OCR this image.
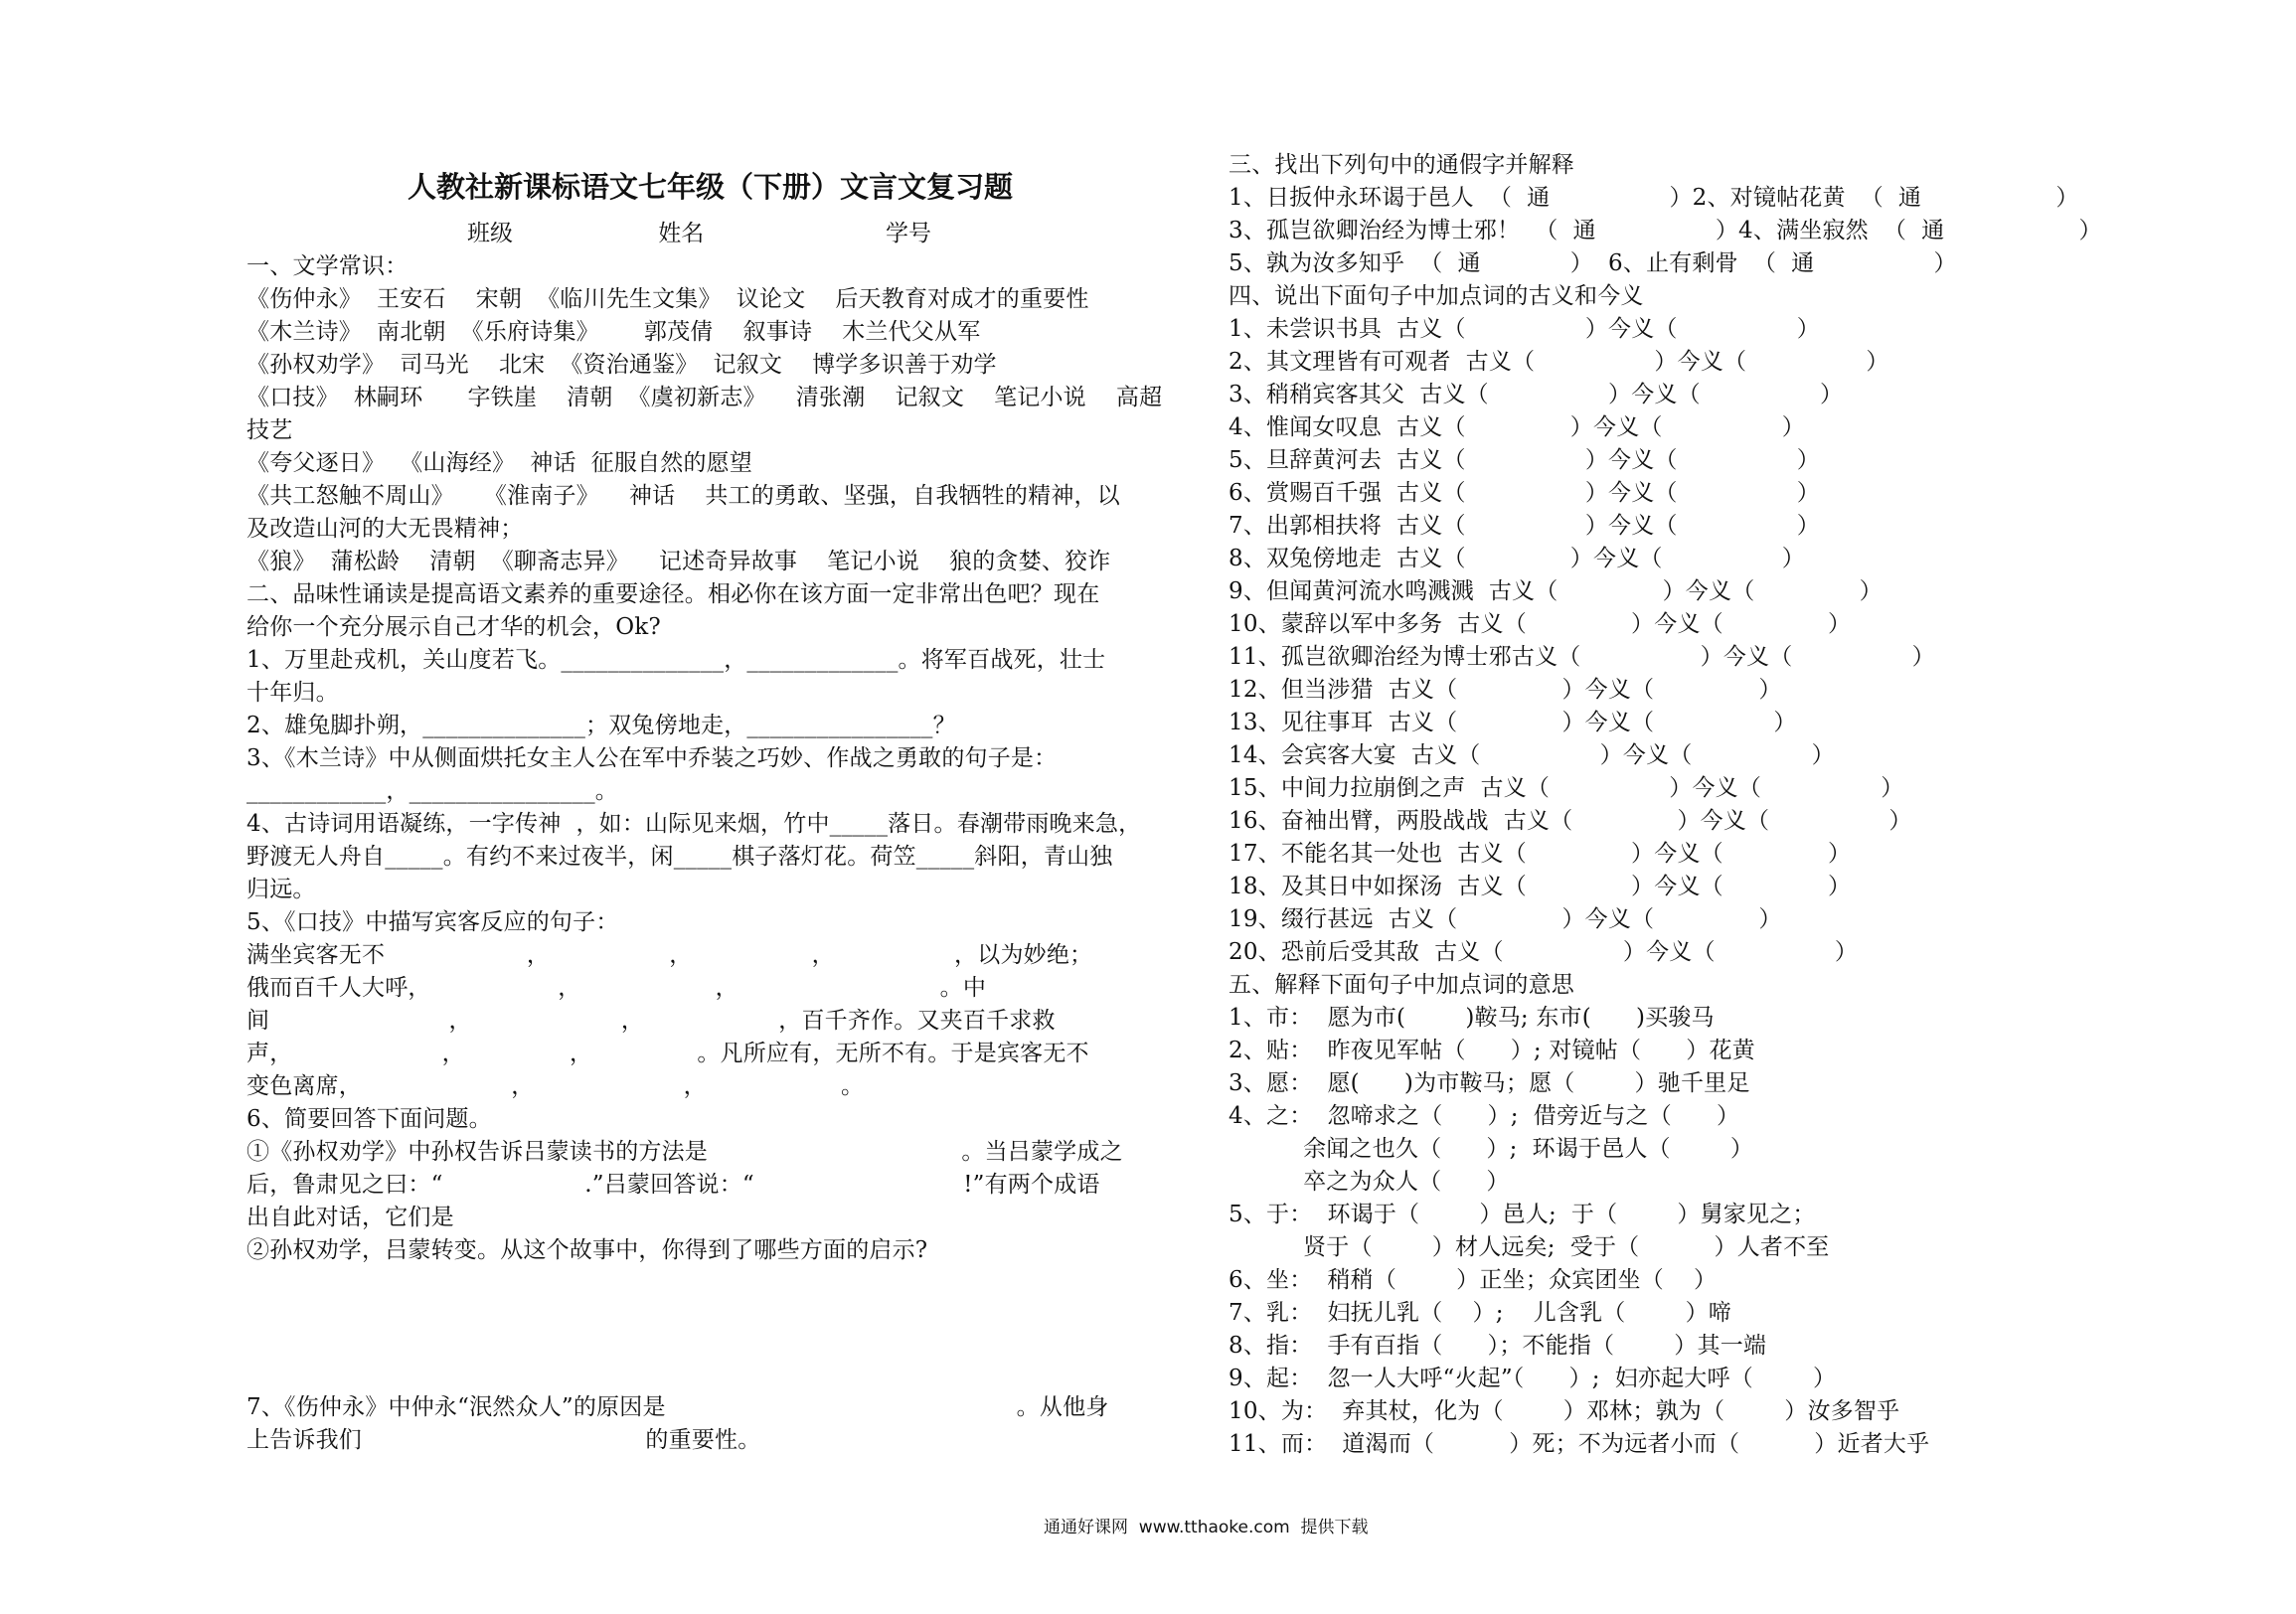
人教社新课标语文七年级（下册）文言文复习题
班级                    姓名                         学号
一、文学常识：
《伤仲永》  王安石    宋朝  《临川先生文集》  议论文    后天教育对成才的重要性
《木兰诗》  南北朝  《乐府诗集》      郭茂倩    叙事诗    木兰代父从军
《孙权劝学》  司马光    北宋  《资治通鉴》  记叙文    博学多识善于劝学
《口技》  林嗣环      字铁崖    清朝  《虞初新志》    清张潮    记叙文    笔记小说    高超
技艺
《夸父逐日》  《山海经》  神话  征服自然的愿望
《共工怒触不周山》    《淮南子》    神话    共工的勇敢、坚强，自我牺牲的精神，以
及改造山河的大无畏精神；
《狼》  蒲松龄    清朝  《聊斋志异》    记述奇异故事    笔记小说    狼的贪婪、狡诈
二、品味性诵读是提高语文素养的重要途径。相必你在该方面一定非常出色吧？现在
给你一个充分展示自己才华的机会，Ok?
1、万里赴戎机，关山度若飞。______________，_____________。将军百战死，壮士
十年归。
2、雄兔脚扑朔，______________；双兔傍地走，________________？
3、《木兰诗》中从侧面烘托女主人公在军中乔装之巧妙、作战之勇敢的句子是：
____________，________________。
4、古诗词用语凝练，一字传神  ，如：山际见来烟，竹中_____落日。春潮带雨晚来急，
野渡无人舟自_____。有约不来过夜半，闲_____棋子落灯花。荷笠_____斜阳，青山独
归远。
5、《口技》中描写宾客反应的句子：
满坐宾客无不                   ，                ，                ，                ，以为妙绝；
俄而百千人大呼，                 ，                  ，                           。中
间                        ，                    ，                  ，百千齐作。又夹百千求救
声，                    ，              ，              。凡所应有，无所不有。于是宾客无不
变色离席，                    ，                    ，                  。
6、简要回答下面问题。
①《孙权劝学》中孙权告诉吕蒙读书的方法是                                  。当吕蒙学成之
后，鲁肃见之曰：“                   .”吕蒙回答说：“                            !”有两个成语
出自此对话，它们是
②孙权劝学，吕蒙转变。从这个故事中，你得到了哪些方面的启示?
7、《伤仲永》中仲永“泯然众人”的原因是                                               。从他身
上告诉我们                                      的重要性。
三、找出下列句中的通假字并解释
1、日扳仲永环谒于邑人  （  通                ）2、对镜帖花黄  （  通                  ）
3、孤岂欲卿治经为博士邪！  （  通                ）4、满坐寂然  （  通                  ）
5、孰为汝多知乎  （  通            ）  6、止有剩骨  （  通                ）
四、说出下面句子中加点词的古义和今义
1、未尝识书具  古义（                ）今义（                ）
2、其文理皆有可观者  古义（                ）今义（                ）
3、稍稍宾客其父  古义（                ）今义（                ）
4、惟闻女叹息  古义（              ）今义（                ）
5、旦辞黄河去  古义（                ）今义（                ）
6、赏赐百千强  古义（                ）今义（                ）
7、出郭相扶将  古义（                ）今义（                ）
8、双兔傍地走  古义（              ）今义（                ）
9、但闻黄河流水鸣溅溅  古义（              ）今义（              ）
10、蒙辞以军中多务  古义（              ）今义（              ）
11、孤岂欲卿治经为博士邪古义（                ）今义（                ）
12、但当涉猎  古义（              ）今义（              ）
13、见往事耳  古义（              ）今义（                ）
14、会宾客大宴  古义（                ）今义（                ）
15、中间力拉崩倒之声  古义（                ）今义（                ）
16、奋袖出臂，两股战战  古义（              ）今义（                ）
17、不能名其一处也  古义（              ）今义（              ）
18、及其日中如探汤  古义（              ）今义（              ）
19、缀行甚远  古义（              ）今义（              ）
20、恐前后受其敌  古义（                ）今义（                ）
五、解释下面句子中加点词的意思
1、市：  愿为市(        )鞍马; 东市(      )买骏马
2、贴：  昨夜见军帖（      ）; 对镜帖（      ）花黄
3、愿：  愿(      )为市鞍马；愿（        ）驰千里足
4、之：  忽啼求之（      ）;  借旁近与之（      ）
余闻之也久（      ）;  环谒于邑人（        ）
卒之为众人（      ）
5、于：  环谒于（        ）邑人;  于（        ）舅家见之；
贤于（        ）材人远矣;  受于（          ）人者不至
6、坐：  稍稍（        ）正坐；众宾团坐（    ）
7、乳：  妇抚儿乳（    ）;    儿含乳（        ）啼
8、指：  手有百指（      ）；不能指（        ）其一端
9、起：  忽一人大呼“火起”（      ）;  妇亦起大呼（        ）
10、为：  弃其杖，化为（        ）邓林；孰为（        ）汝多智乎
11、而：  道渴而（          ）死；不为远者小而（          ）近者大乎
通通好课网  www.tthaoke.com  提供下载
